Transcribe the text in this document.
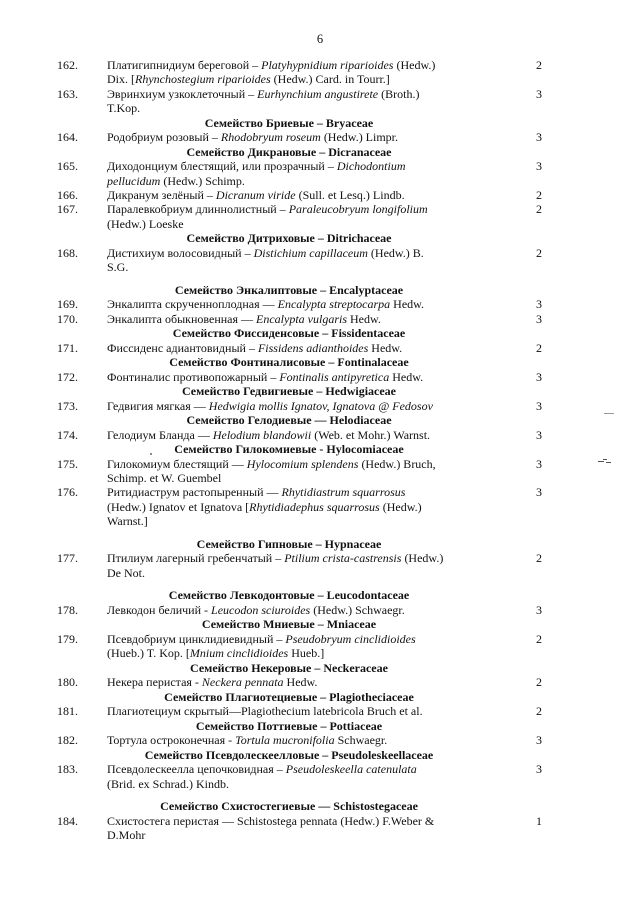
6
162. Платигипнидиум береговой – Platyhypnidium riparioides (Hedw.)
Dix. [Rhynchostegium riparioides (Hedw.) Card. in Tourr.]
2
163. Эвринхиум узкоклеточный – Eurhynchium angustirete (Broth.)
T.Kop.
3
Семейство Бриевые – Bryaceae
164. Родобриум розовый – Rhodobryum roseum (Hedw.) Limpr.	3
Семейство Дикрановые – Dicranaceae
165. Диходонциум блестящий, или прозрачный – Dichodontium
pellucidum (Hedw.) Schimp.
3
166. Дикранум зелёный – Dicranum viride (Sull. et Lesq.) Lindb.	2
167. Паралевкобриум длиннолистный – Paraleucobryum longifolium
(Hedw.) Loeske
2
Семейство Дитриховые – Ditrichaceae
168. Дистихиум волосовидный – Distichium capillaceum (Hedw.) B.
S.G.
2
Семейство Энкалиптовые – Encalyptaceae
169. Энкалипта скрученноплодная — Encalypta streptocarpa Hedw.	3
170. Энкалипта обыкновенная — Encalypta vulgaris Hedw.	3
Семейство Фиссиденсовые – Fissidentaceae
171. Фиссиденс адиантовидный – Fissidens adianthoides Hedw.	2
Семейство Фонтиналисовые – Fontinalaceae
172. Фонтиналис противопожарный – Fontinalis antipyretica Hedw.	3
Семейство Гедвигиевые – Hedwigiaceae
173. Гедвигия мягкая — Hedwigia mollis Ignatov, Ignatova @ Fedosov	3
Семейство Гелодиевые — Helodiaceae
174. Гелодиум Бланда — Helodium blandowii (Web. et Mohr.) Warnst.	3
Семейство Гилокомиевые - Hylocomiaceae
175. Гилокомиум блестящий — Hylocomium splendens (Hedw.) Bruch,
Schimp. et W. Guembel
3
176. Ритидиаструм растопыренный — Rhytidiastrum squarrosus
(Hedw.) Ignatov et Ignatova [Rhytidiadephus squarrosus (Hedw.)
Warnst.]
3
Семейство Гипновые – Hypnaceae
177. Птилиум лагерный гребенчатый – Ptilium crista-castrensis (Hedw.)
De Not.
2
Семейство Левкодонтовые – Leucodontaceae
178. Левкодон беличий - Leucodon sciuroides (Hedw.) Schwaegr.	3
Семейство Мниевые – Mniaceae
179. Псевдобриум цинклидиевидный – Pseudobryum cinclidioides
(Hueb.) T. Kop. [Mnium cinclidioides Hueb.]
2
Семейство Некеровые – Neckeraceae
180. Некера перистая - Neckera pennata Hedw.	2
Семейство Плагиотециевые – Plagiotheciaceae
181. Плагиотециум скрытый—Plagiothecium latebricola Bruch et al.	2
Семейство Поттиевые – Pottiaceae
182. Тортула остроконечная - Tortula mucronifolia Schwaegr.	3
Семейство Псевдолескеелловые – Pseudoleskeellaceae
183. Псевдолескеелла цепочковидная – Pseudoleskeella catenulata
(Brid. ex Schrad.) Kindb.
3
Семейство Схистостегиевые — Schistostegaceae
184. Схистостега перистая — Schistostega pennata (Hedw.) F.Weber &
D.Mohr
1
